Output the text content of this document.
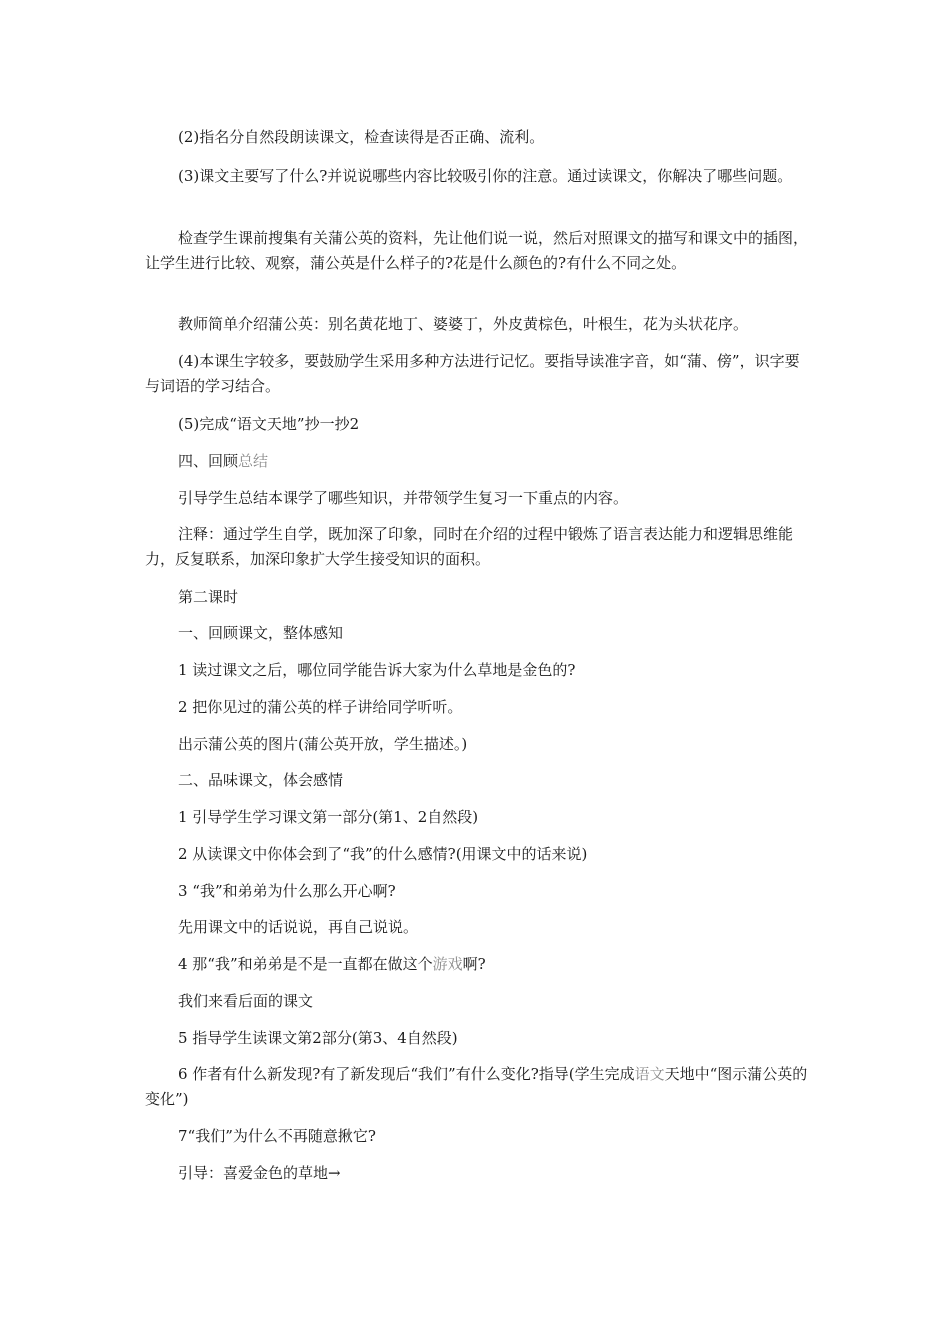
(2)指名分自然段朗读课文，检查读得是否正确、流利。

(3)课文主要写了什么?并说说哪些内容比较吸引你的注意。通过读课文，你解决了哪些问题。

检查学生课前搜集有关蒲公英的资料，先让他们说一说，然后对照课文的描写和课文中的插图，让学生进行比较、观察，蒲公英是什么样子的?花是什么颜色的?有什么不同之处。

教师简单介绍蒲公英：别名黄花地丁、婆婆丁，外皮黄棕色，叶根生，花为头状花序。

(4)本课生字较多，要鼓励学生采用多种方法进行记忆。要指导读准字音，如“蒲、傍”，识字要与词语的学习结合。

(5)完成“语文天地”抄一抄2

四、回顾总结

引导学生总结本课学了哪些知识，并带领学生复习一下重点的内容。

注释：通过学生自学，既加深了印象，同时在介绍的过程中锻炼了语言表达能力和逻辑思维能力，反复联系，加深印象扩大学生接受知识的面积。

第二课时

一、回顾课文，整体感知

1 读过课文之后，哪位同学能告诉大家为什么草地是金色的?

2 把你见过的蒲公英的样子讲给同学听听。

出示蒲公英的图片(蒲公英开放，学生描述。)

二、品味课文，体会感情

1 引导学生学习课文第一部分(第1、2自然段)

2 从读课文中你体会到了“我”的什么感情?(用课文中的话来说)

3 “我”和弟弟为什么那么开心啊?

先用课文中的话说说，再自己说说。

4 那“我”和弟弟是不是一直都在做这个游戏啊?

我们来看后面的课文

5 指导学生读课文第2部分(第3、4自然段)

6 作者有什么新发现?有了新发现后“我们”有什么变化?指导(学生完成语文天地中“图示蒲公英的变化”)

7“我们”为什么不再随意揪它?

引导：喜爱金色的草地→
